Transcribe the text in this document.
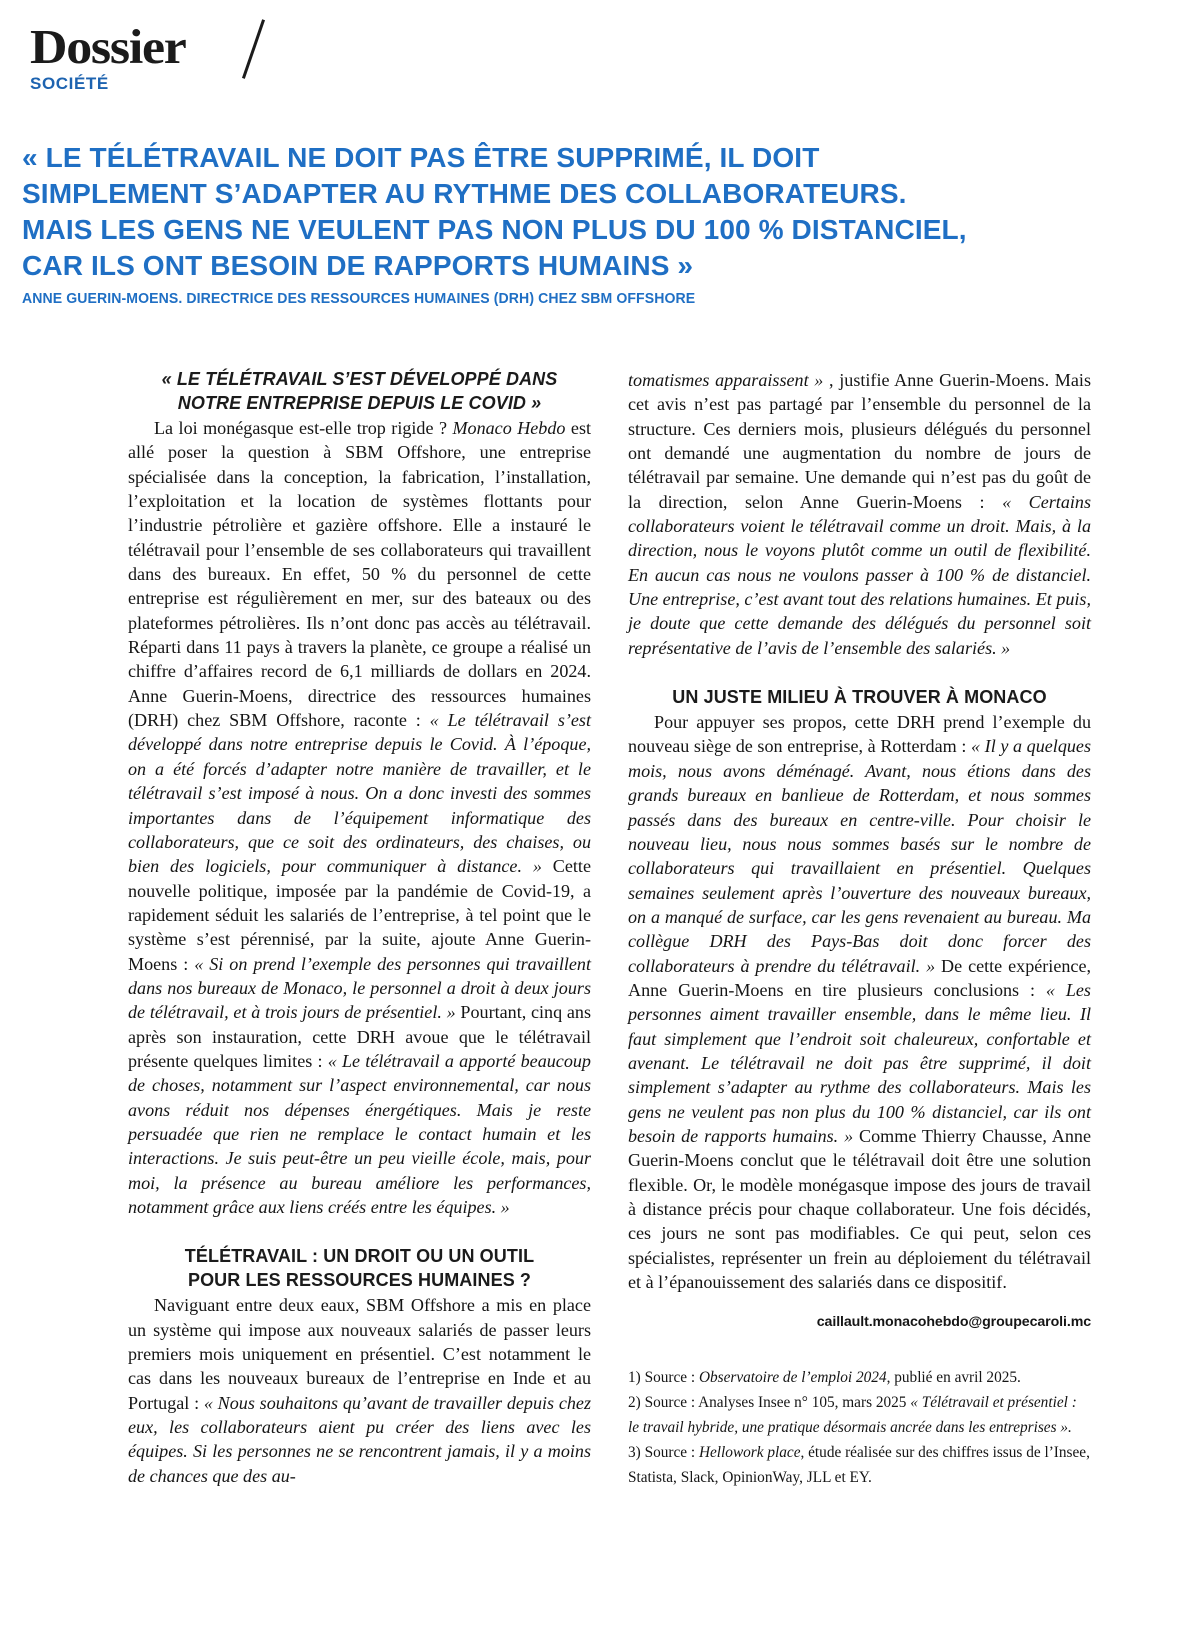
Dossier
SOCIÉTÉ
« LE TÉLÉTRAVAIL NE DOIT PAS ÊTRE SUPPRIMÉ, IL DOIT
SIMPLEMENT S’ADAPTER AU RYTHME DES COLLABORATEURS.
MAIS LES GENS NE VEULENT PAS NON PLUS DU 100 % DISTANCIEL,
CAR ILS ONT BESOIN DE RAPPORTS HUMAINS »
ANNE GUERIN-MOENS. DIRECTRICE DES RESSOURCES HUMAINES (DRH) CHEZ SBM OFFSHORE
« LE TÉLÉTRAVAIL S’EST DÉVELOPPÉ DANS
NOTRE ENTREPRISE DEPUIS LE COVID »

La loi monégasque est-elle trop rigide ? Monaco Hebdo est allé poser la question à SBM Offshore, une entreprise spécialisée dans la conception, la fabrication, l’installation, l’exploitation et la location de systèmes flottants pour l’industrie pétrolière et gazière offshore. Elle a instauré le télétravail pour l’ensemble de ses collaborateurs qui travaillent dans des bureaux. En effet, 50 % du personnel de cette entreprise est régulièrement en mer, sur des bateaux ou des plateformes pétrolières. Ils n’ont donc pas accès au télétravail. Réparti dans 11 pays à travers la planète, ce groupe a réalisé un chiffre d’affaires record de 6,1 milliards de dollars en 2024. Anne Guerin-Moens, directrice des ressources humaines (DRH) chez SBM Offshore, raconte : « Le télétravail s’est développé dans notre entreprise depuis le Covid. À l’époque, on a été forcés d’adapter notre manière de travailler, et le télétravail s’est imposé à nous. On a donc investi des sommes importantes dans de l’équipement informatique des collaborateurs, que ce soit des ordinateurs, des chaises, ou bien des logiciels, pour communiquer à distance. » Cette nouvelle politique, imposée par la pandémie de Covid-19, a rapidement séduit les salariés de l’entreprise, à tel point que le système s’est pérennisé, par la suite, ajoute Anne Guerin-Moens : « Si on prend l’exemple des personnes qui travaillent dans nos bureaux de Monaco, le personnel a droit à deux jours de télétravail, et à trois jours de présentiel. » Pourtant, cinq ans après son instauration, cette DRH avoue que le télétravail présente quelques limites : « Le télétravail a apporté beaucoup de choses, notamment sur l’aspect environnemental, car nous avons réduit nos dépenses énergétiques. Mais je reste persuadée que rien ne remplace le contact humain et les interactions. Je suis peut-être un peu vieille école, mais, pour moi, la présence au bureau améliore les performances, notamment grâce aux liens créés entre les équipes. »

TÉLÉTRAVAIL : UN DROIT OU UN OUTIL
POUR LES RESSOURCES HUMAINES ?

Naviguant entre deux eaux, SBM Offshore a mis en place un système qui impose aux nouveaux salariés de passer leurs premiers mois uniquement en présentiel. C’est notamment le cas dans les nouveaux bureaux de l’entreprise en Inde et au Portugal : « Nous souhaitons qu’avant de travailler depuis chez eux, les collaborateurs aient pu créer des liens avec les équipes. Si les personnes ne se rencontrent jamais, il y a moins de chances que des au-

tomatismes apparaissent » , justifie Anne Guerin-Moens. Mais cet avis n’est pas partagé par l’ensemble du personnel de la structure. Ces derniers mois, plusieurs délégués du personnel ont demandé une augmentation du nombre de jours de télétravail par semaine. Une demande qui n’est pas du goût de la direction, selon Anne Guerin-Moens : « Certains collaborateurs voient le télétravail comme un droit. Mais, à la direction, nous le voyons plutôt comme un outil de flexibilité. En aucun cas nous ne voulons passer à 100 % de distanciel. Une entreprise, c’est avant tout des relations humaines. Et puis, je doute que cette demande des délégués du personnel soit représentative de l’avis de l’ensemble des salariés. »

UN JUSTE MILIEU À TROUVER À MONACO

Pour appuyer ses propos, cette DRH prend l’exemple du nouveau siège de son entreprise, à Rotterdam : « Il y a quelques mois, nous avons déménagé. Avant, nous étions dans des grands bureaux en banlieue de Rotterdam, et nous sommes passés dans des bureaux en centre-ville. Pour choisir le nouveau lieu, nous nous sommes basés sur le nombre de collaborateurs qui travaillaient en présentiel. Quelques semaines seulement après l’ouverture des nouveaux bureaux, on a manqué de surface, car les gens revenaient au bureau. Ma collègue DRH des Pays-Bas doit donc forcer des collaborateurs à prendre du télétravail. » De cette expérience, Anne Guerin-Moens en tire plusieurs conclusions : « Les personnes aiment travailler ensemble, dans le même lieu. Il faut simplement que l’endroit soit chaleureux, confortable et avenant. Le télétravail ne doit pas être supprimé, il doit simplement s’adapter au rythme des collaborateurs. Mais les gens ne veulent pas non plus du 100 % distanciel, car ils ont besoin de rapports humains. » Comme Thierry Chausse, Anne Guerin-Moens conclut que le télétravail doit être une solution flexible. Or, le modèle monégasque impose des jours de travail à distance précis pour chaque collaborateur. Une fois décidés, ces jours ne sont pas modifiables. Ce qui peut, selon ces spécialistes, représenter un frein au déploiement du télétravail et à l’épanouissement des salariés dans ce dispositif.

caillault.monacohebdo@groupecaroli.mc
1) Source : Observatoire de l’emploi 2024, publié en avril 2025.
2) Source : Analyses Insee n° 105, mars 2025 « Télétravail et présentiel : le travail hybride, une pratique désormais ancrée dans les entreprises ».
3) Source : Hellowork place, étude réalisée sur des chiffres issus de l’Insee, Statista, Slack, OpinionWay, JLL et EY.
